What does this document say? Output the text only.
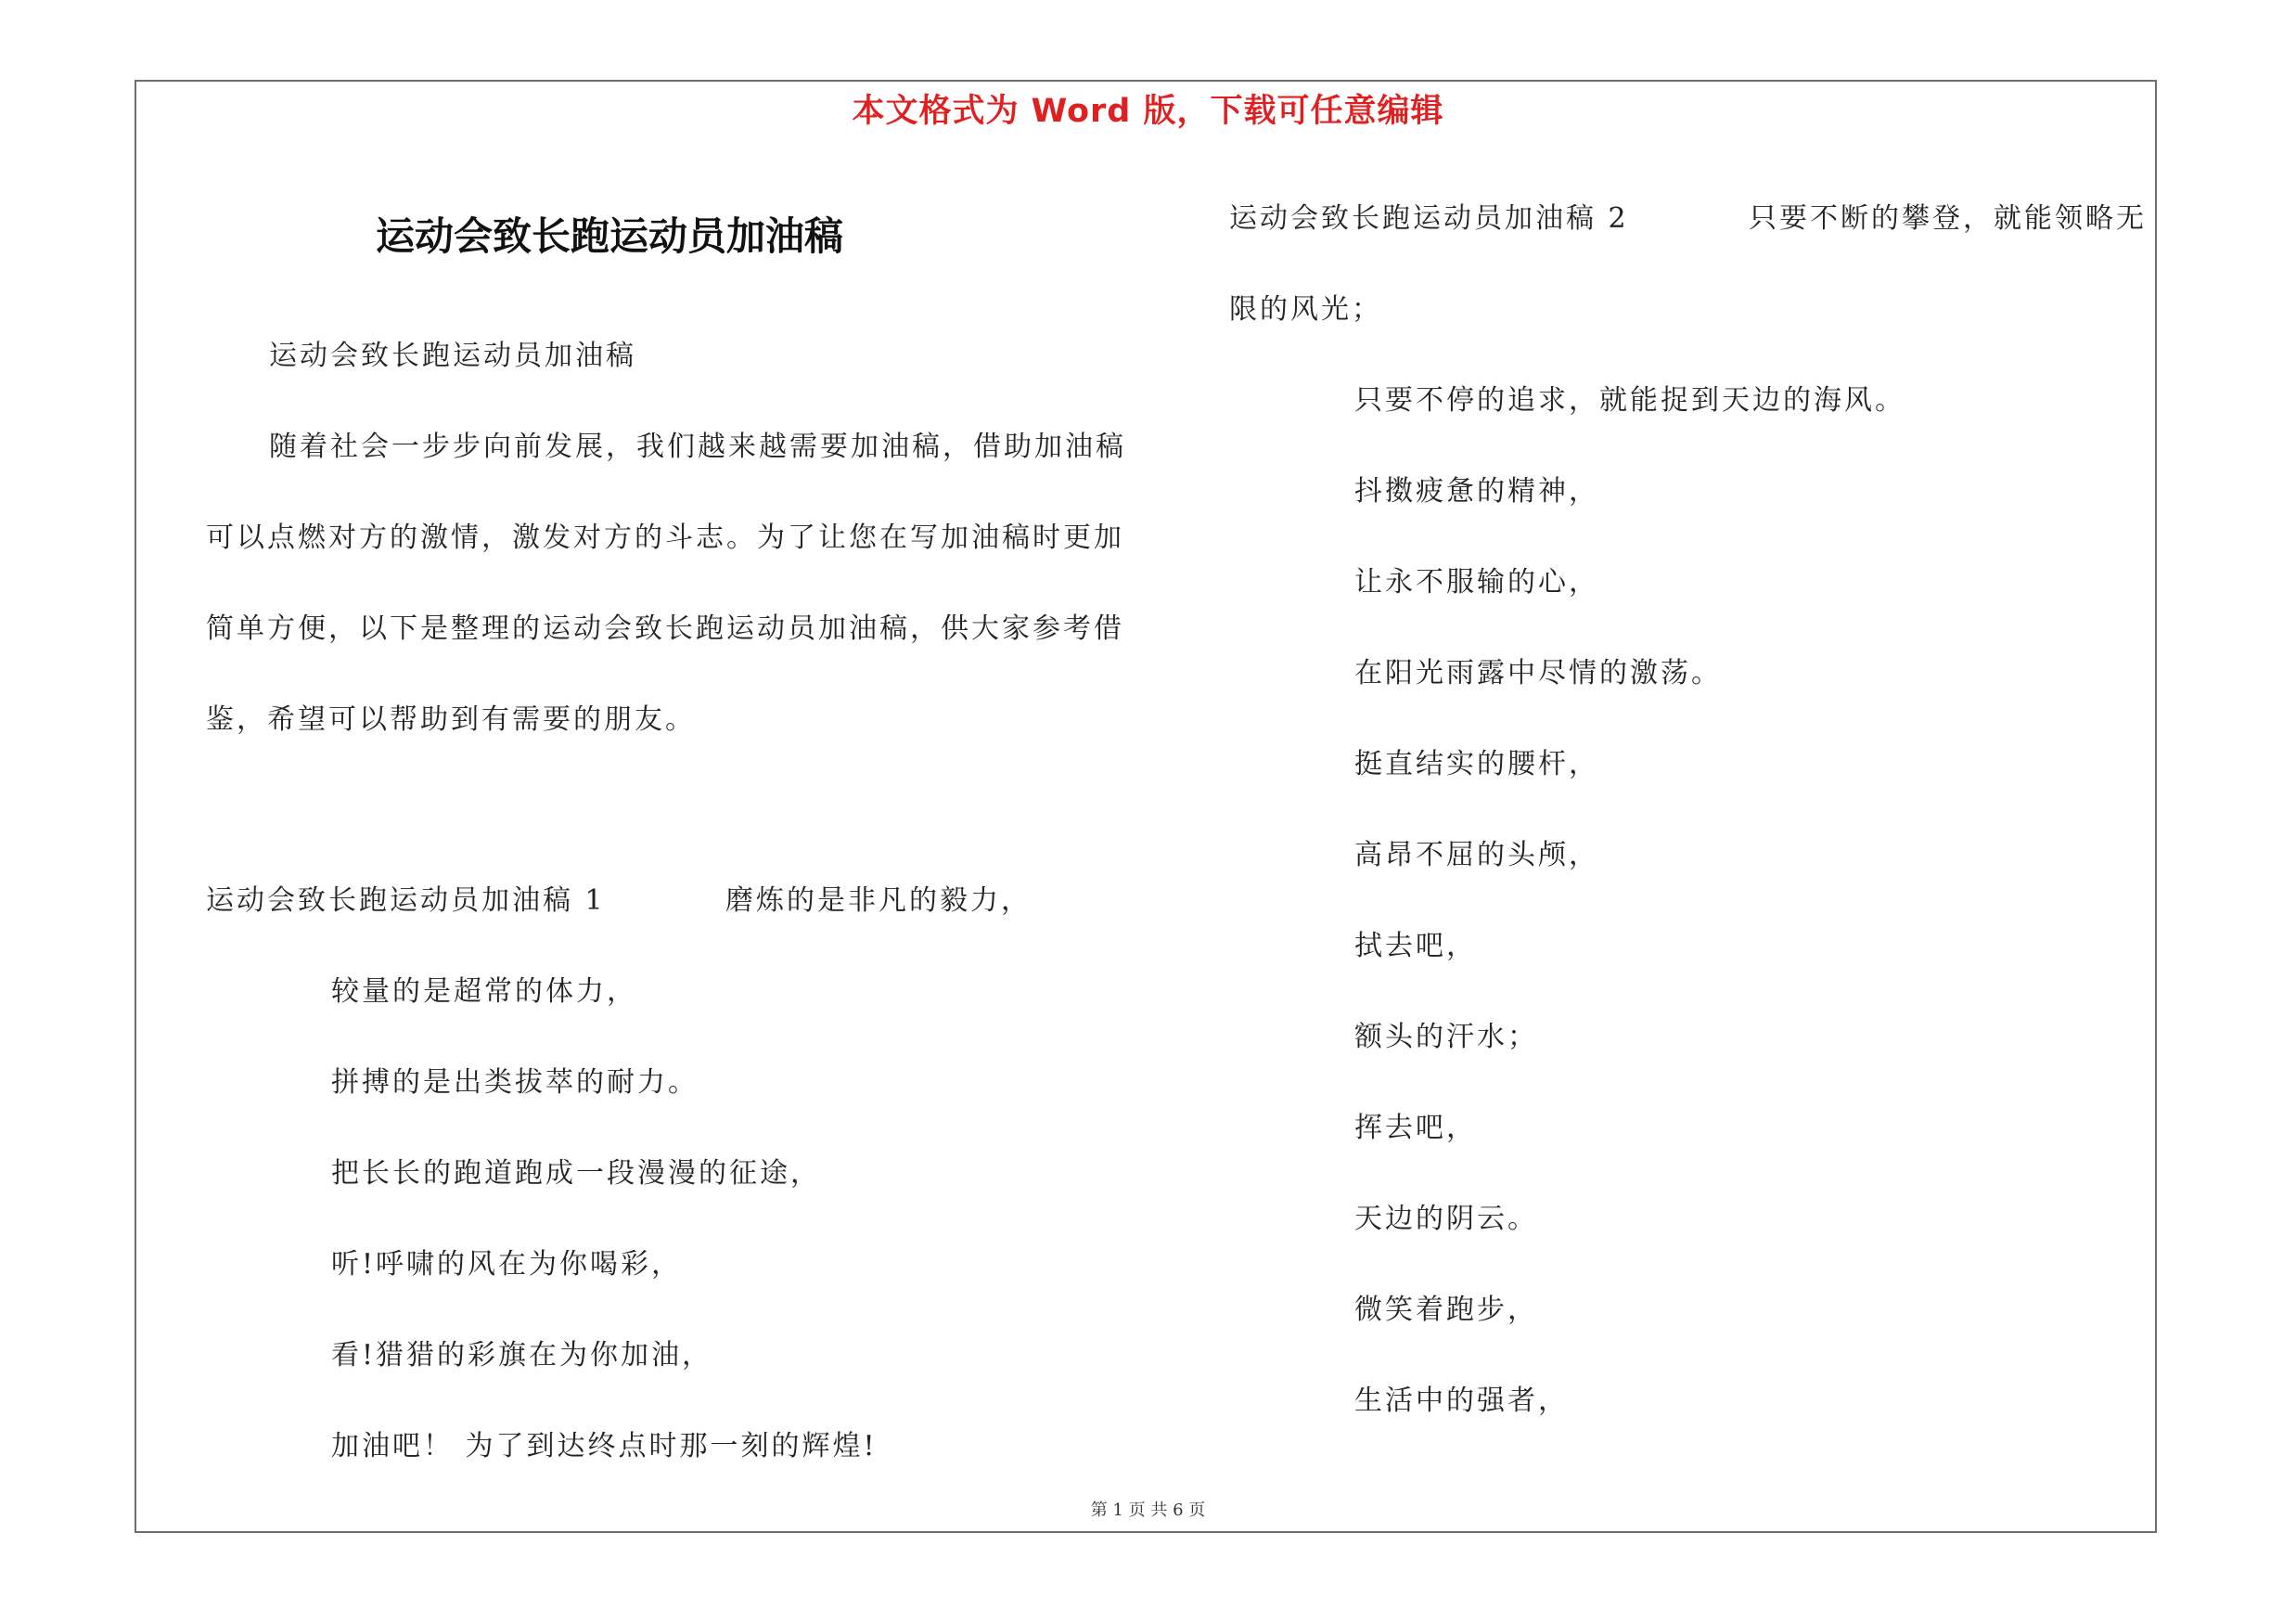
本文格式为 Word 版，下载可任意编辑
运动会致长跑运动员加油稿
运动会致长跑运动员加油稿
随着社会一步步向前发展，我们越来越需要加油稿，借助加油稿
可以点燃对方的激情，激发对方的斗志。为了让您在写加油稿时更加
简单方便，以下是整理的运动会致长跑运动员加油稿，供大家参考借
鉴，希望可以帮助到有需要的朋友。
运动会致长跑运动员加油稿 1	磨炼的是非凡的毅力，
较量的是超常的体力，
拼搏的是出类拔萃的耐力。
把长长的跑道跑成一段漫漫的征途，
听!呼啸的风在为你喝彩，
看!猎猎的彩旗在为你加油，
加油吧！ 为了到达终点时那一刻的辉煌!
运动会致长跑运动员加油稿 2	只要不断的攀登，就能领略无
限的风光；
只要不停的追求，就能捉到天边的海风。
抖擞疲惫的精神，
让永不服输的心，
在阳光雨露中尽情的激荡。
挺直结实的腰杆，
高昂不屈的头颅，
拭去吧，
额头的汗水；
挥去吧，
天边的阴云。
微笑着跑步，
生活中的强者，
第 1 页 共 6 页
